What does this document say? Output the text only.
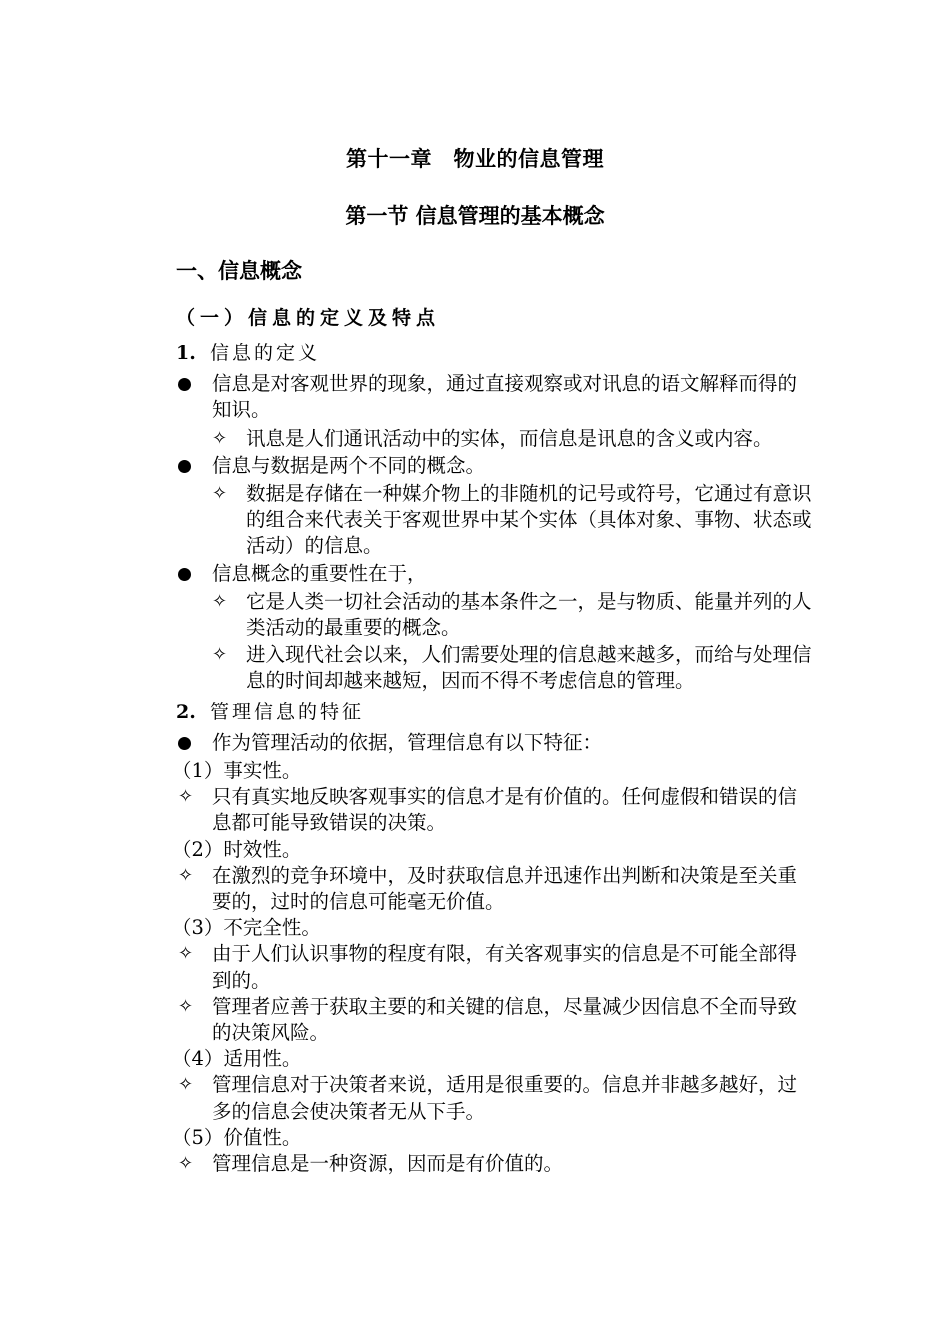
第十一章　物业的信息管理
第一节 信息管理的基本概念
一、信息概念
（一）信息的定义及特点
1. 信息的定义
信息是对客观世界的现象，通过直接观察或对讯息的语文解释而得的知识。
✧ 讯息是人们通讯活动中的实体，而信息是讯息的含义或内容。
信息与数据是两个不同的概念。
✧ 数据是存储在一种媒介物上的非随机的记号或符号，它通过有意识的组合来代表关于客观世界中某个实体（具体对象、事物、状态或活动）的信息。
信息概念的重要性在于，
✧ 它是人类一切社会活动的基本条件之一，是与物质、能量并列的人类活动的最重要的概念。
✧ 进入现代社会以来，人们需要处理的信息越来越多，而给与处理信息的时间却越来越短，因而不得不考虑信息的管理。
2. 管理信息的特征
作为管理活动的依据，管理信息有以下特征：
（1）事实性。
✧ 只有真实地反映客观事实的信息才是有价值的。任何虚假和错误的信息都可能导致错误的决策。
（2）时效性。
✧ 在激烈的竞争环境中，及时获取信息并迅速作出判断和决策是至关重要的，过时的信息可能毫无价值。
（3）不完全性。
✧ 由于人们认识事物的程度有限，有关客观事实的信息是不可能全部得到的。
✧ 管理者应善于获取主要的和关键的信息，尽量减少因信息不全而导致的决策风险。
（4）适用性。
✧ 管理信息对于决策者来说，适用是很重要的。信息并非越多越好，过多的信息会使决策者无从下手。
（5）价值性。
✧ 管理信息是一种资源，因而是有价值的。
